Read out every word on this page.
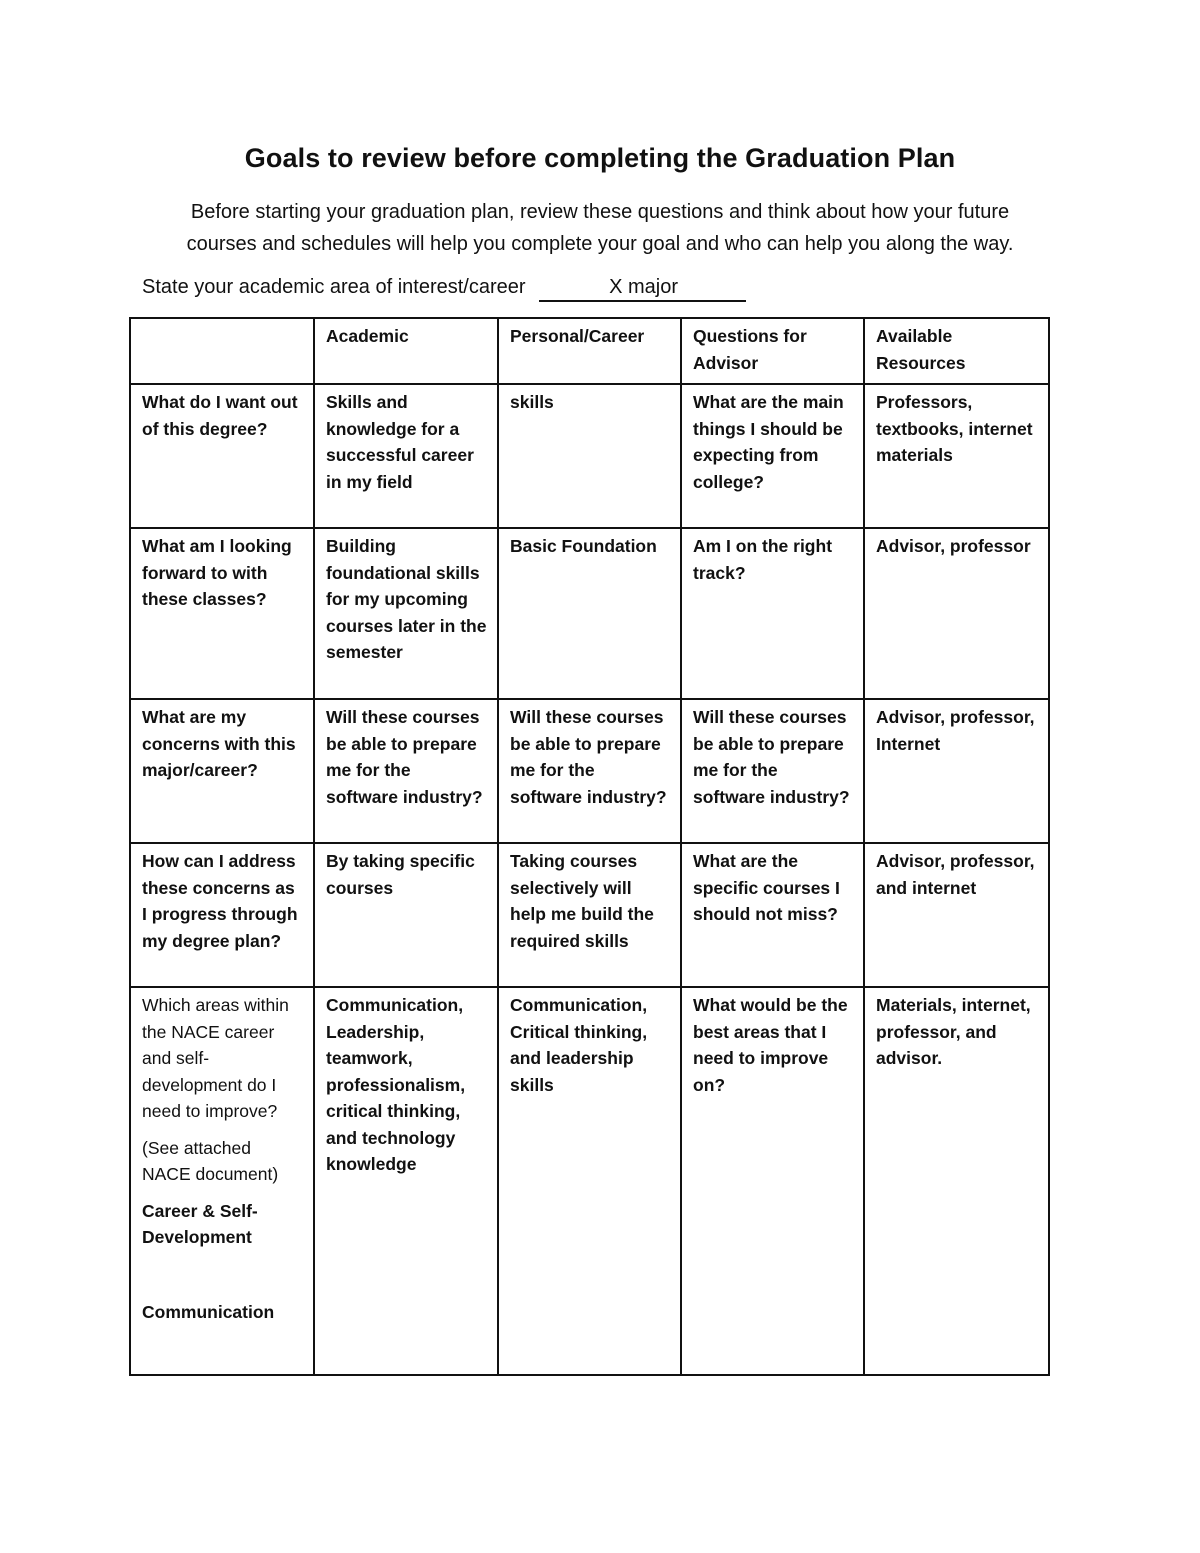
Goals to review before completing the Graduation Plan
Before starting your graduation plan, review these questions and think about how your future
courses and schedules will help you complete your goal and who can help you along the way.
State your academic area of interest/career	X major
	Academic	Personal/Career	Questions for Advisor	Available Resources
What do I want out of this degree?	Skills and knowledge for a successful career in my field	skills	What are the main things I should be expecting from college?	Professors, textbooks, internet materials
What am I looking forward to with these classes?	Building foundational skills for my upcoming courses later in the semester	Basic Foundation	Am I on the right track?	Advisor, professor
What are my concerns with this major/career?	Will these courses be able to prepare me for the software industry?	Will these courses be able to prepare me for the software industry?	Will these courses be able to prepare me for the software industry?	Advisor, professor, Internet
How can I address these concerns as I progress through my degree plan?	By taking specific courses	Taking courses selectively will help me build the required skills	What are the specific courses I should not miss?	Advisor, professor, and internet

Which areas within the NACE career and self-development do I need to improve?

(See attached NACE document)

Career & Self-Development

Communication	Communication, Leadership, teamwork, professionalism, critical thinking, and technology knowledge	Communication, Critical thinking, and leadership skills	What would be the best areas that I need to improve on?	Materials, internet, professor, and advisor.
